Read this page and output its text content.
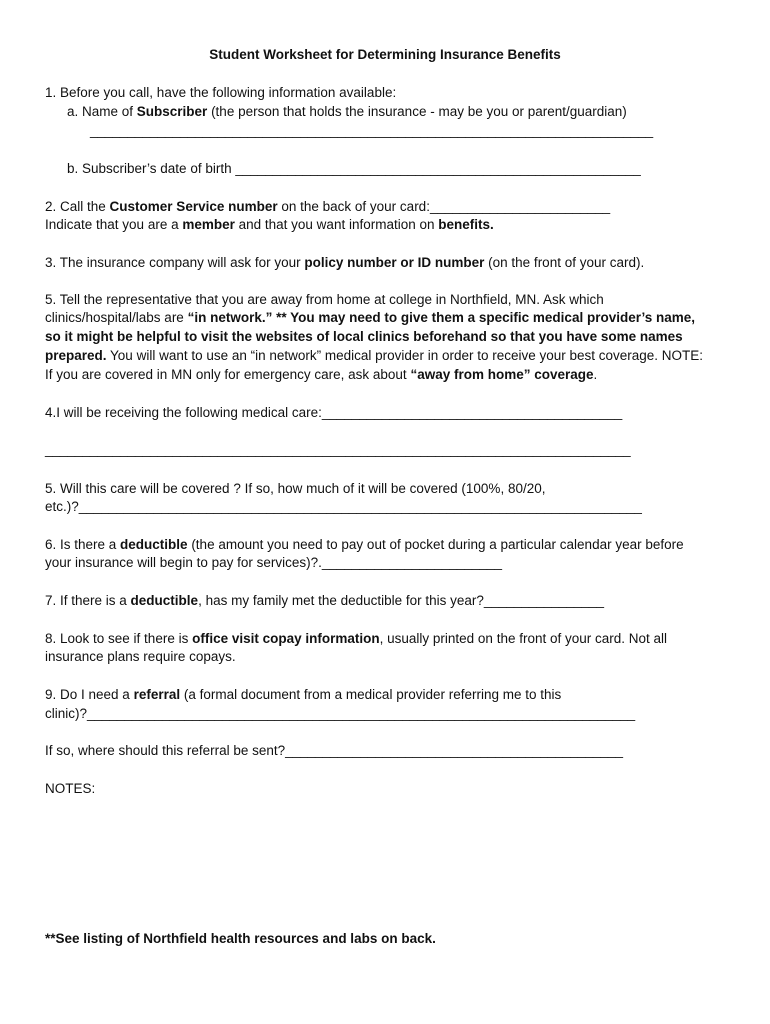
Student Worksheet for Determining Insurance Benefits
1. Before you call, have the following information available:
a. Name of Subscriber (the person that holds the insurance - may be you or parent/guardian)
___________________________________________________________________________
b. Subscriber’s date of birth ______________________________________________________
2. Call the Customer Service number on the back of your card:________________________
Indicate that you are a member and that you want information on benefits.
3. The insurance company will ask for your policy number or ID number (on the front of your card).
5. Tell the representative that you are away from home at college in Northfield, MN. Ask which
clinics/hospital/labs are “in network.” ** You may need to give them a specific medical provider’s name,
so it might be helpful to visit the websites of local clinics beforehand so that you have some names
prepared. You will want to use an “in network” medical provider in order to receive your best coverage. NOTE:
If you are covered in MN only for emergency care, ask about “away from home” coverage.
4.I will be receiving the following medical care:________________________________________
______________________________________________________________________________
5. Will this care will be covered ? If so, how much of it will be covered (100%, 80/20,
etc.)?___________________________________________________________________________
6. Is there a deductible (the amount you need to pay out of pocket during a particular calendar year before
your insurance will begin to pay for services)?.________________________
7. If there is a deductible, has my family met the deductible for this year?________________
8. Look to see if there is office visit copay information, usually printed on the front of your card. Not all
insurance plans require copays.
9. Do I need a referral (a formal document from a medical provider referring me to this
clinic)?_________________________________________________________________________
If so, where should this referral be sent?_____________________________________________
NOTES:
**See listing of Northfield health resources and labs on back.
